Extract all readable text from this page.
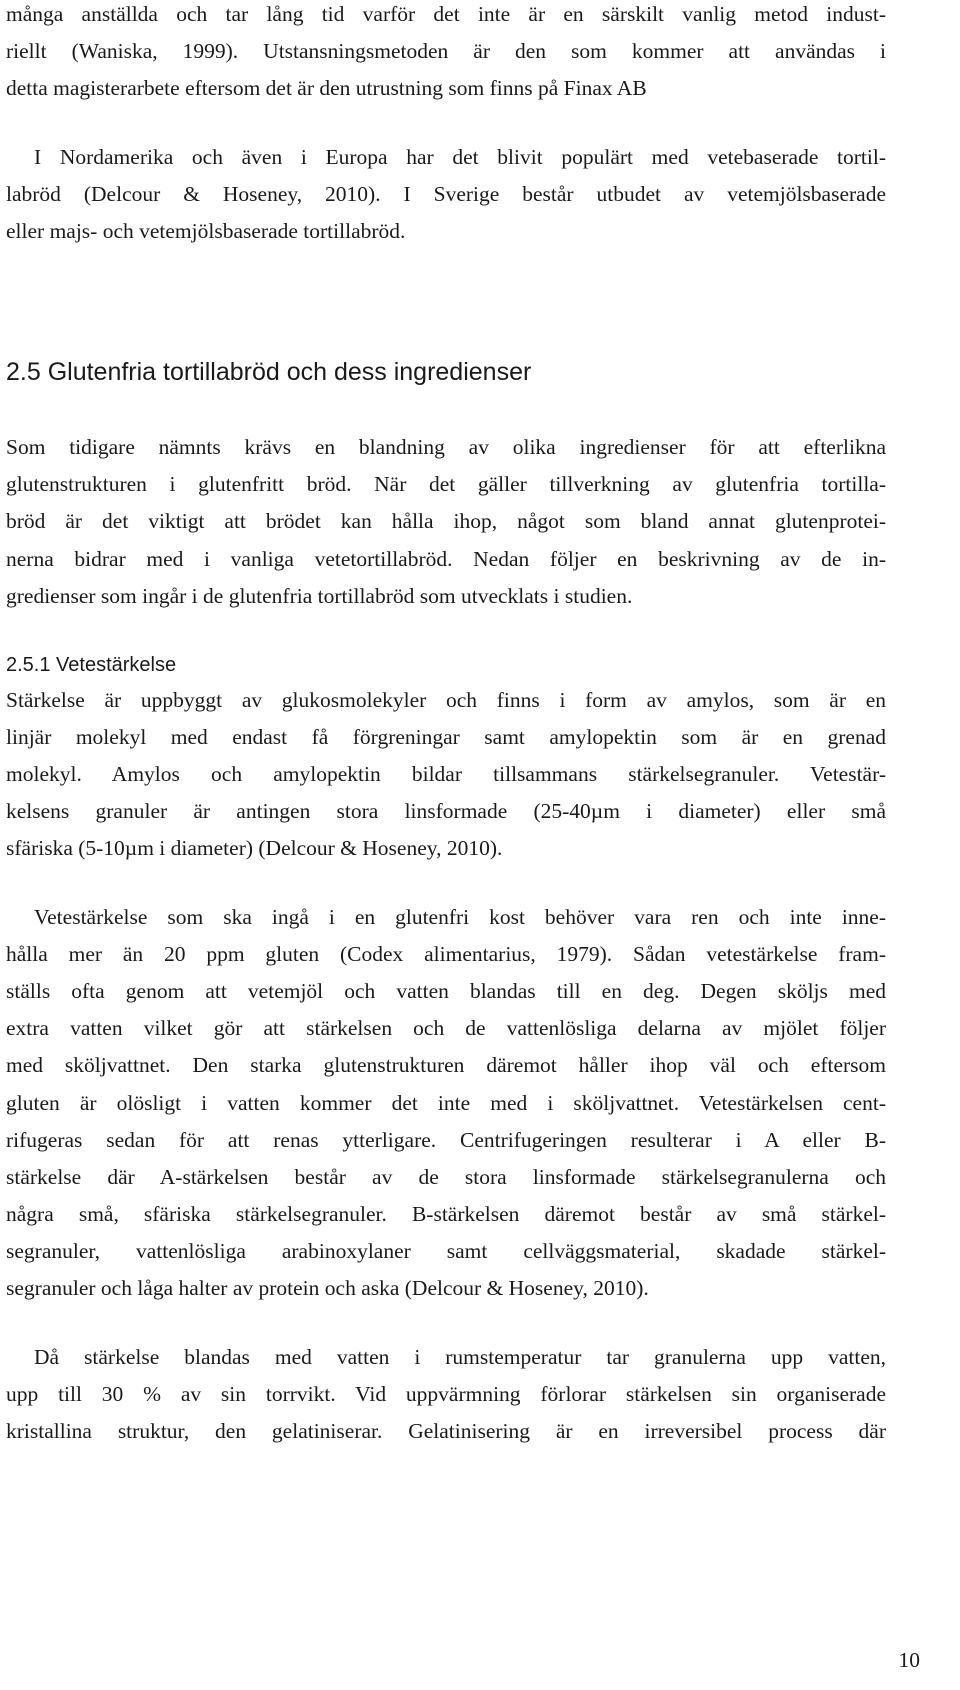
många anställda och tar lång tid varför det inte är en särskilt vanlig metod indust-
riellt (Waniska, 1999). Utstansningsmetoden är den som kommer att användas i
detta magisterarbete eftersom det är den utrustning som finns på Finax AB
I Nordamerika och även i Europa har det blivit populärt med vetebaserade tortil-
labröd (Delcour & Hoseney, 2010). I Sverige består utbudet av vetemjölsbaserade
eller majs- och vetemjölsbaserade tortillabröd.
2.5 Glutenfria tortillabröd och dess ingredienser
Som tidigare nämnts krävs en blandning av olika ingredienser för att efterlikna
glutenstrukturen i glutenfritt bröd. När det gäller tillverkning av glutenfria tortilla-
bröd är det viktigt att brödet kan hålla ihop, något som bland annat glutenprotei-
nerna bidrar med i vanliga vetetortillabröd. Nedan följer en beskrivning av de in-
gredienser som ingår i de glutenfria tortillabröd som utvecklats i studien.
2.5.1 Vetestärkelse
Stärkelse är uppbyggt av glukosmolekyler och finns i form av amylos, som är en
linjär molekyl med endast få förgreningar samt amylopektin som är en grenad
molekyl. Amylos och amylopektin bildar tillsammans stärkelsegranuler. Vetestär-
kelsens granuler är antingen stora linsformade (25-40µm i diameter) eller små
sfäriska (5-10µm i diameter) (Delcour & Hoseney, 2010).
Vetestärkelse som ska ingå i en glutenfri kost behöver vara ren och inte inne-
hålla mer än 20 ppm gluten (Codex alimentarius, 1979). Sådan vetestärkelse fram-
ställs ofta genom att vetemjöl och vatten blandas till en deg. Degen sköljs med
extra vatten vilket gör att stärkelsen och de vattenlösliga delarna av mjölet följer
med sköljvattnet. Den starka glutenstrukturen däremot håller ihop väl och eftersom
gluten är olösligt i vatten kommer det inte med i sköljvattnet. Vetestärkelsen cent-
rifugeras sedan för att renas ytterligare. Centrifugeringen resulterar i A eller B-
stärkelse där A-stärkelsen består av de stora linsformade stärkelsegranulerna och
några små, sfäriska stärkelsegranuler. B-stärkelsen däremot består av små stärkel-
segranuler, vattenlösliga arabinoxylaner samt cellväggsmaterial, skadade stärkel-
segranuler och låga halter av protein och aska (Delcour & Hoseney, 2010).
Då stärkelse blandas med vatten i rumstemperatur tar granulerna upp vatten,
upp till 30 % av sin torrvikt. Vid uppvärmning förlorar stärkelsen sin organiserade
kristallina struktur, den gelatiniserar. Gelatinisering är en irreversibel process där
10
